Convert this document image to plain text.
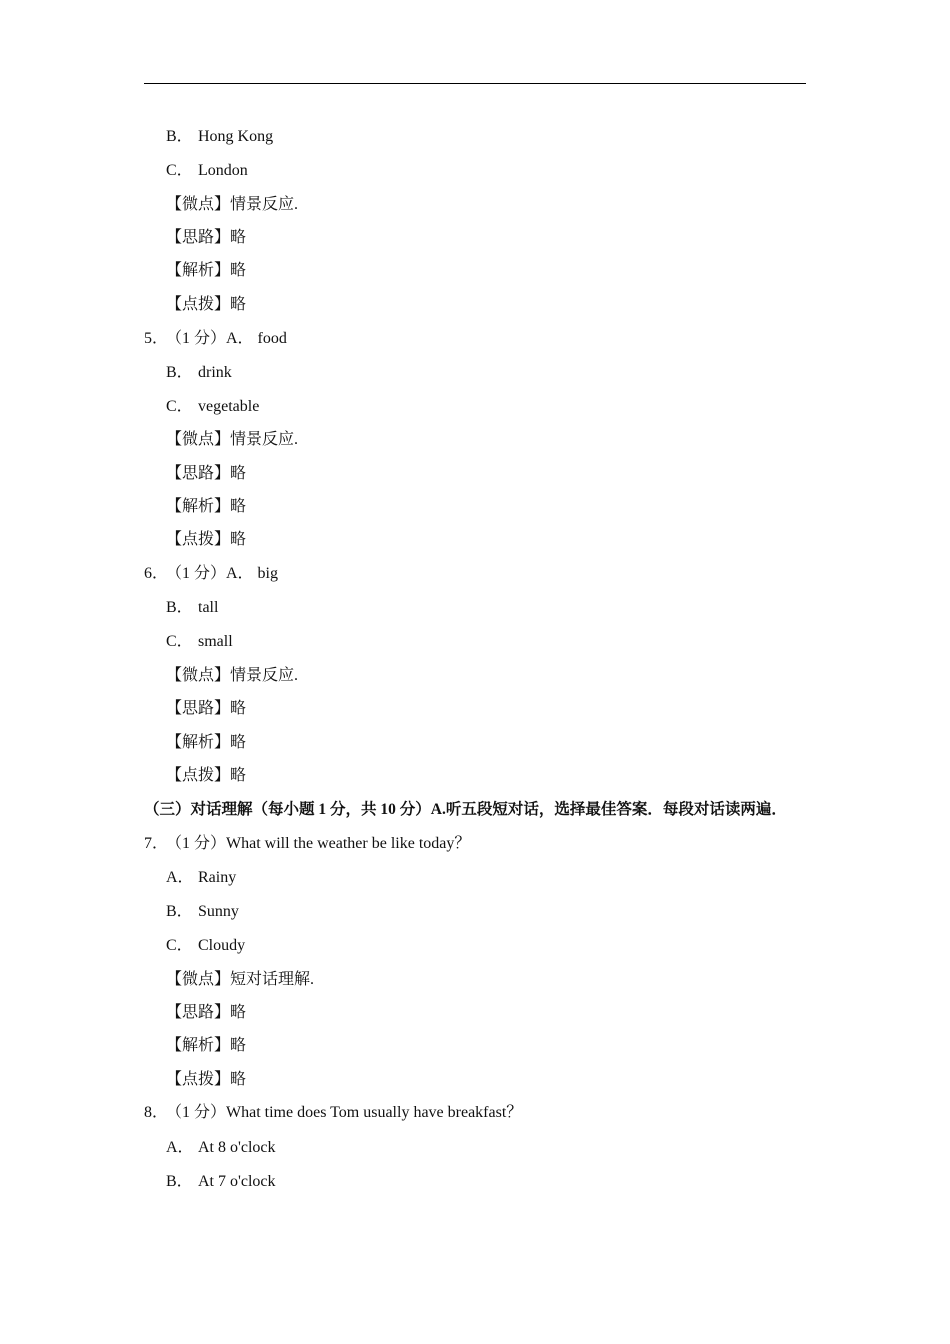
B． Hong Kong
C． London
【微点】情景反应.
【思路】略
【解析】略
【点拨】略
5．（1 分）A． food
B． drink
C． vegetable
【微点】情景反应.
【思路】略
【解析】略
【点拨】略
6．（1 分）A． big
B． tall
C． small
【微点】情景反应.
【思路】略
【解析】略
【点拨】略
（三）对话理解（每小题 1 分，共 10 分）A.听五段短对话，选择最佳答案．每段对话读两遍．
7．（1 分）What will the weather be like today？
A． Rainy
B． Sunny
C． Cloudy
【微点】短对话理解.
【思路】略
【解析】略
【点拨】略
8．（1 分）What time does Tom usually have breakfast？
A． At 8 o'clock
B． At 7 o'clock
